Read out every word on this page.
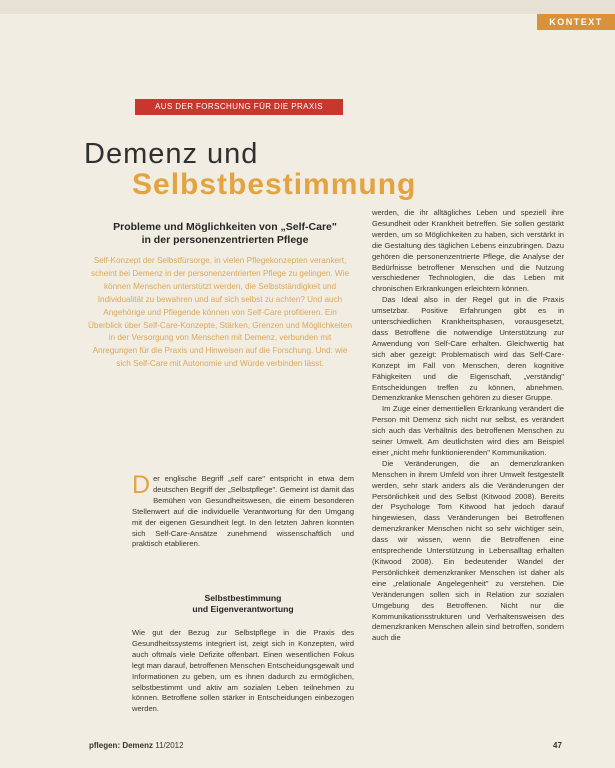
KONTEXT
AUS DER FORSCHUNG FÜR DIE PRAXIS
Demenz und
Selbstbestimmung
Probleme und Möglichkeiten von „Self-Care"
in der personenzentrierten Pflege
Self-Konzept der Selbstfürsorge, in vielen Pflegekonzepten verankert, scheint bei Demenz in der personenzentrierten Pflege zu gelingen. Wie können Menschen unterstützt werden, die Selbstständigkeit und Individualität zu bewahren und auf sich selbst zu achten? Und auch Angehörige und Pflegende können von Self-Care profitieren. Ein Überblick über Self-Care-Konzepte, Stärken, Grenzen und Möglichkeiten in der Versorgung von Menschen mit Demenz, verbunden mit Anregungen für die Praxis und Hinweisen auf die Forschung. Und: wie sich Self-Care mit Autonomie und Würde verbinden lässt.
D er englische Begriff „self care" entspricht in etwa dem deutschen Begriff der „Selbstpflege". Gemeint ist damit das Bemühen von Gesundheitswesen, die einem besonderen Stellenwert auf die individuelle Verantwortung für den Umgang mit der eigenen Gesundheit legt. In den letzten Jahren konnten sich Self-Care-Ansätze zunehmend wissenschaftlich und praktisch etablieren.

Selbstbestimmung
und Eigenverantwortung

Wie gut der Bezug zur Selbstpflege in die Praxis des Gesundheitssystems integriert ist, zeigt sich in Konzepten, wird auch oftmals viele Defizite offenbart. Einen wesentlichen Fokus legt man darauf, betroffenen Menschen Entscheidungsgewalt und Informationen zu geben, um es ihnen dadurch zu ermöglichen, selbstbestimmt und aktiv am sozialen Leben teilnehmen zu können. Betroffene sollen stärker in Entscheidungen einbezogen werden.

werden, die ihr alltägliches Leben und speziell ihre Gesundheit oder Krankheit betreffen. Sie sollen gestärkt werden, um so Möglichkeiten zu haben, sich verstärkt in die Gestaltung des täglichen Lebens einzubringen. Dazu gehören die personenzentrierte Pflege, die Analyse der Bedürfnisse betroffener Menschen und die Nutzung verschiedener Technologien, die das Leben mit chronischen Erkrankungen erleichtern können.

Das Ideal also in der Regel gut in die Praxis umsetzbar. Positive Erfahrungen gibt es in unterschiedlichen Krankheitsphasen, vorausgesetzt, dass Betroffene die notwendige Unterstützung zur Anwendung von Self-Care erhalten. Gleichwertig hat sich aber gezeigt: Problematisch wird das Self-Care-Konzept im Fall von Menschen, deren kognitive Fähigkeiten und die Eigenschaft, „verständig" Entscheidungen treffen zu können, abnehmen. Demenzkranke Menschen gehören zu dieser Gruppe.

Im Zuge einer dementiellen Erkrankung verändert die Person mit Demenz sich nicht nur selbst, es verändert sich auch das Verhältnis des betroffenen Menschen zu seiner Umwelt. Am deutlichsten wird dies am Beispiel einer „nicht mehr funktionierenden" Kommunikation.

Die Veränderungen, die an demenzkranken Menschen in ihrem Umfeld von ihrer Umwelt festgestellt werden, sehr stark anders als die Veränderungen der Persönlichkeit und des Selbst (Kitwood 2008). Bereits der Psychologe Tom Kitwood hat jedoch darauf hingewiesen, dass Veränderungen bei Betroffenen demenzkranker Menschen nicht so sehr wichtiger sein, dass wir wissen, wenn die Betroffenen eine entsprechende Unterstützung in Lebensalltag erhalten (Kitwood 2008). Ein bedeutender Wandel der Persönlichkeit demenzkranker Menschen ist daher als eine „relationale Angelegenheit" zu verstehen. Die Veränderungen sollen sich in Relation zur sozialen Umgebung des Betroffenen. Nicht nur die Kommunikationsstrukturen und Verhaltensweisen des demenzkranken Menschen allein sind betroffen, sondern auch die

pflegen: Demenz 11/2012	47
